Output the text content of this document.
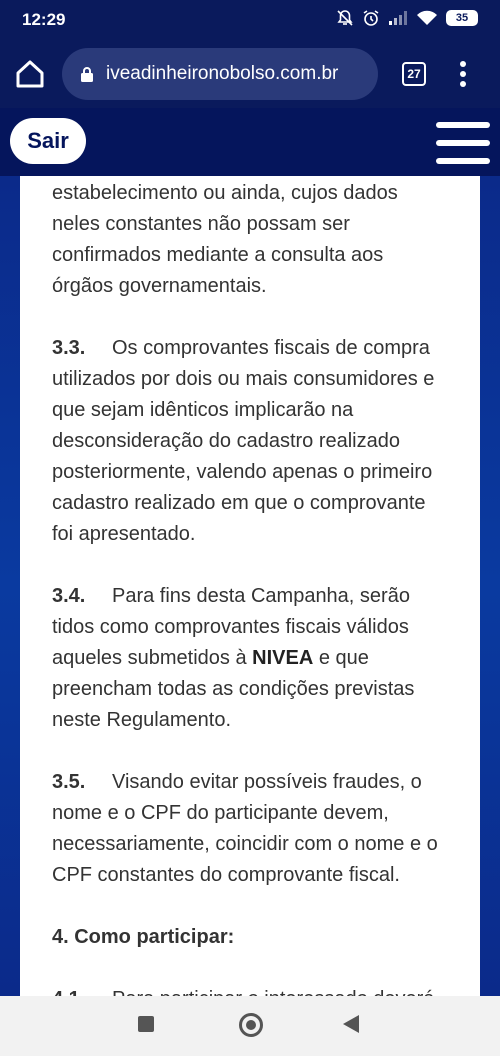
12:29	35
iveadinheironobolso.com.br	27
Sair
estabelecimento ou ainda, cujos dados
neles constantes não possam ser
confirmados mediante a consulta aos
órgãos governamentais.
3.3. Os comprovantes fiscais de compra utilizados por dois ou mais consumidores e que sejam idênticos implicarão na desconsideração do cadastro realizado posteriormente, valendo apenas o primeiro cadastro realizado em que o comprovante foi apresentado.
3.4. Para fins desta Campanha, serão tidos como comprovantes fiscais válidos aqueles submetidos à NIVEA e que preencham todas as condições previstas neste Regulamento.
3.5. Visando evitar possíveis fraudes, o nome e o CPF do participante devem, necessariamente, coincidir com o nome e o CPF constantes do comprovante fiscal.
4. Como participar:
